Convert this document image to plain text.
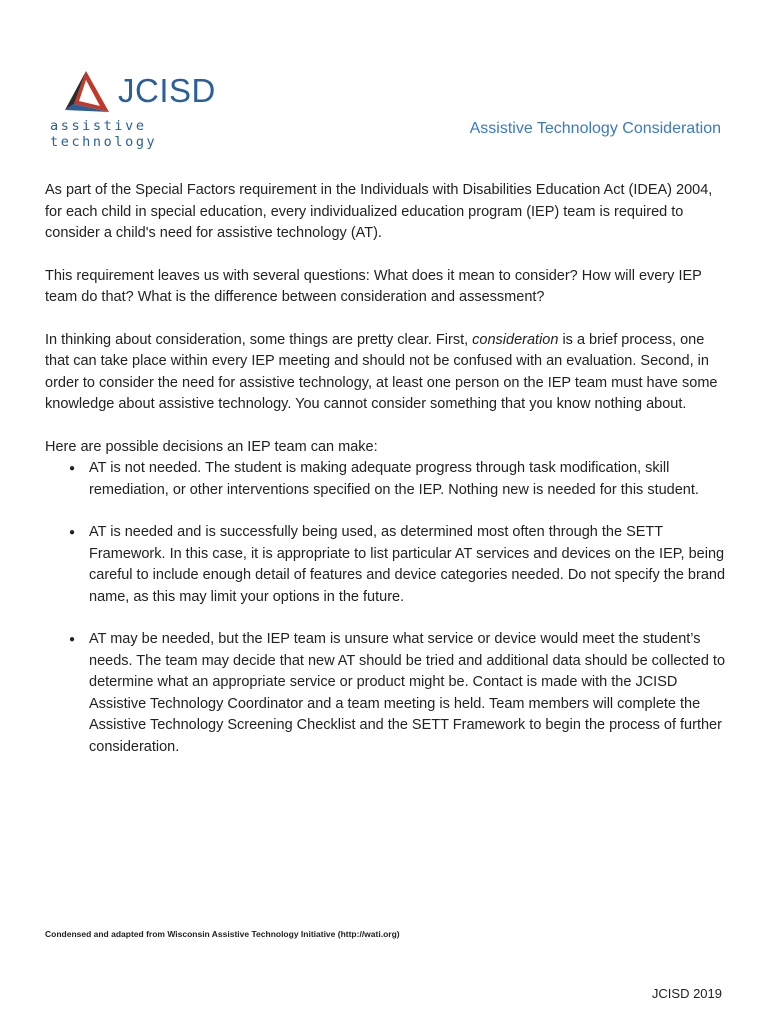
JCISD
assistive technology
Assistive Technology Consideration

As part of the Special Factors requirement in the Individuals with Disabilities Education Act (IDEA) 2004, for each child in special education, every individualized education program (IEP) team is required to consider a child's need for assistive technology (AT).

This requirement leaves us with several questions: What does it mean to consider? How will every IEP team do that? What is the difference between consideration and assessment?

In thinking about consideration, some things are pretty clear. First, consideration is a brief process, one that can take place within every IEP meeting and should not be confused with an evaluation. Second, in order to consider the need for assistive technology, at least one person on the IEP team must have some knowledge about assistive technology. You cannot consider something that you know nothing about.

Here are possible decisions an IEP team can make:

● AT is not needed. The student is making adequate progress through task modification, skill remediation, or other interventions specified on the IEP. Nothing new is needed for this student.
● AT is needed and is successfully being used, as determined most often through the SETT Framework. In this case, it is appropriate to list particular AT services and devices on the IEP, being careful to include enough detail of features and device categories needed. Do not specify the brand name, as this may limit your options in the future.
● AT may be needed, but the IEP team is unsure what service or device would meet the student’s needs. The team may decide that new AT should be tried and additional data should be collected to determine what an appropriate service or product might be. Contact is made with the JCISD Assistive Technology Coordinator and a team meeting is held. Team members will complete the Assistive Technology Screening Checklist and the SETT Framework to begin the process of further consideration.
Condensed and adapted from Wisconsin Assistive Technology Initiative (http://wati.org)
JCISD 2019
